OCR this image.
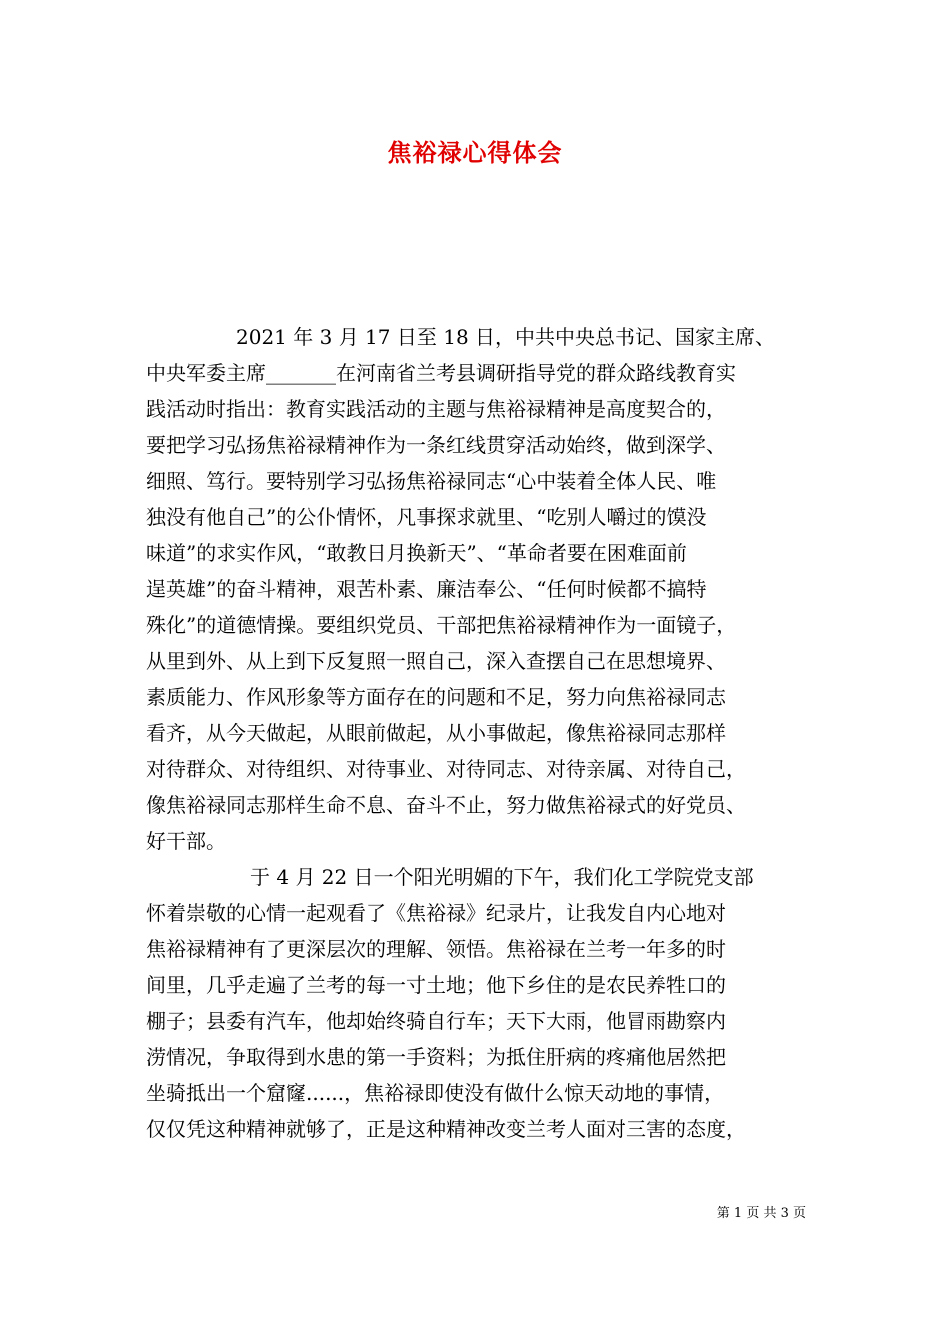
焦裕禄心得体会
2021 年 3 月 17 日至 18 日，中共中央总书记、国家主席、
中央军委主席_______在河南省兰考县调研指导党的群众路线教育实
践活动时指出：教育实践活动的主题与焦裕禄精神是高度契合的，
要把学习弘扬焦裕禄精神作为一条红线贯穿活动始终，做到深学、
细照、笃行。要特别学习弘扬焦裕禄同志“心中装着全体人民、唯
独没有他自己”的公仆情怀，凡事探求就里、“吃别人嚼过的馍没
味道”的求实作风，“敢教日月换新天”、“革命者要在困难面前
逞英雄”的奋斗精神，艰苦朴素、廉洁奉公、“任何时候都不搞特
殊化”的道德情操。要组织党员、干部把焦裕禄精神作为一面镜子，
从里到外、从上到下反复照一照自己，深入查摆自己在思想境界、
素质能力、作风形象等方面存在的问题和不足，努力向焦裕禄同志
看齐，从今天做起，从眼前做起，从小事做起，像焦裕禄同志那样
对待群众、对待组织、对待事业、对待同志、对待亲属、对待自己，
像焦裕禄同志那样生命不息、奋斗不止，努力做焦裕禄式的好党员、
好干部。
于 4 月 22 日一个阳光明媚的下午，我们化工学院党支部
怀着崇敬的心情一起观看了《焦裕禄》纪录片，让我发自内心地对
焦裕禄精神有了更深层次的理解、领悟。焦裕禄在兰考一年多的时
间里，几乎走遍了兰考的每一寸土地；他下乡住的是农民养牲口的
棚子；县委有汽车，他却始终骑自行车；天下大雨，他冒雨勘察内
涝情况，争取得到水患的第一手资料；为抵住肝病的疼痛他居然把
坐骑抵出一个窟窿......，焦裕禄即使没有做什么惊天动地的事情，
仅仅凭这种精神就够了，正是这种精神改变兰考人面对三害的态度，
第 1 页 共 3 页
